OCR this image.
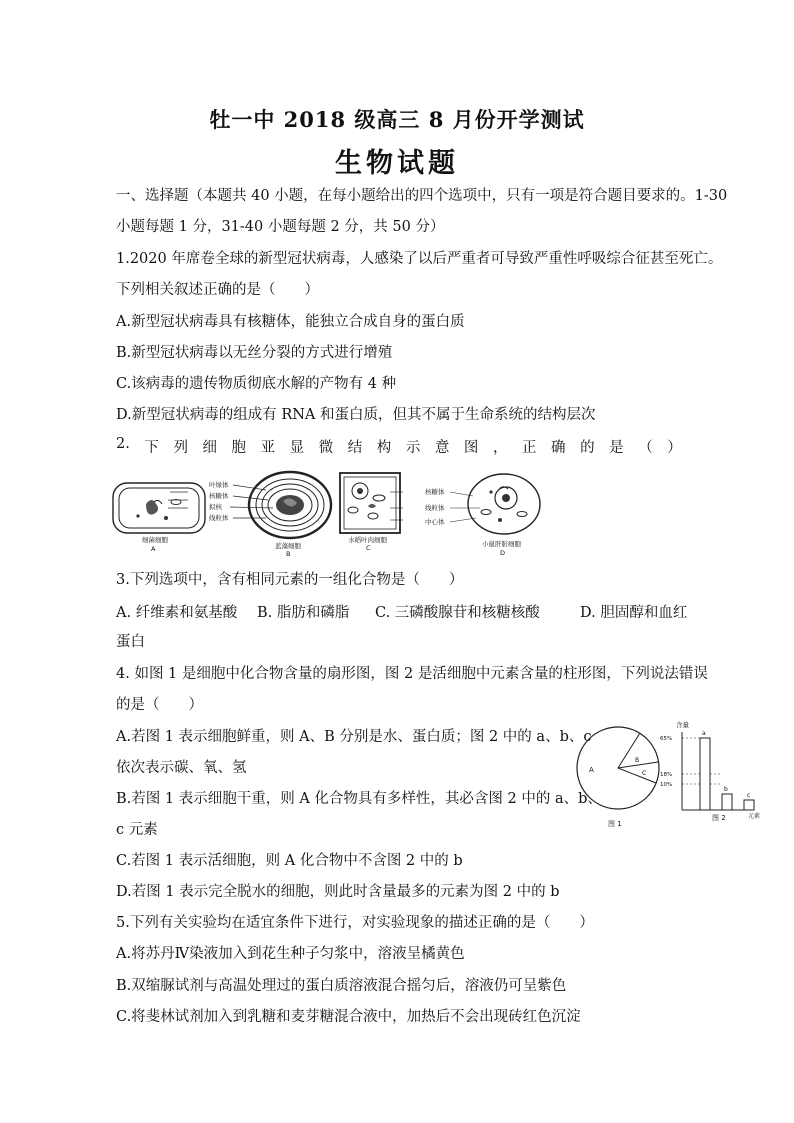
牡一中 2018 级高三 8 月份开学测试
生物试题
一、选择题（本题共 40 小题，在每小题给出的四个选项中，只有一项是符合题目要求的。1-30
小题每题 1 分，31-40 小题每题 2 分，共 50 分）
1.2020 年席卷全球的新型冠状病毒，人感染了以后严重者可导致严重性呼吸综合征甚至死亡。
下列相关叙述正确的是（　　）
A.新型冠状病毒具有核糖体，能独立合成自身的蛋白质
B.新型冠状病毒以无丝分裂的方式进行增殖
C.该病毒的遗传物质彻底水解的产物有 4 种
D.新型冠状病毒的组成有 RNA 和蛋白质，但其不属于生命系统的结构层次
2. 下 列 细 胞 亚 显 微 结 构 示 意 图 ， 正 确 的 是 （ ）
细菌细胞
A
叶绿体
核糖体
拟核
线粒体
蓝藻细胞
B
核糖体
线粒体
中心体
水稻叶肉细胞
C	小鼠肝脏细胞
D
3.下列选项中，含有相同元素的一组化合物是（　　）
A. 纤维素和氨基酸 B. 脂肪和磷脂 C. 三磷酸腺苷和核糖核酸	D. 胆固醇和血红
蛋白
4. 如图 1 是细胞中化合物含量的扇形图，图 2 是活细胞中元素含量的柱形图，下列说法错误
的是（　　）
A.若图 1 表示细胞鲜重，则 A、B 分别是水、蛋白质；图 2 中的 a、b、c
依次表示碳、氧、氢
B.若图 1 表示细胞干重，则 A 化合物具有多样性，其必含图 2 中的 a、b、
c 元素
C.若图 1 表示活细胞，则 A 化合物中不含图 2 中的 b
D.若图 1 表示完全脱水的细胞，则此时含量最多的元素为图 2 中的 b
A
B
C
图 1
含量
65%
18%
10%
a
b
c
元素
图 2
5.下列有关实验均在适宜条件下进行，对实验现象的描述正确的是（　　）
A.将苏丹Ⅳ染液加入到花生种子匀浆中，溶液呈橘黄色
B.双缩脲试剂与高温处理过的蛋白质溶液混合摇匀后，溶液仍可呈紫色
C.将斐林试剂加入到乳糖和麦芽糖混合液中，加热后不会出现砖红色沉淀
